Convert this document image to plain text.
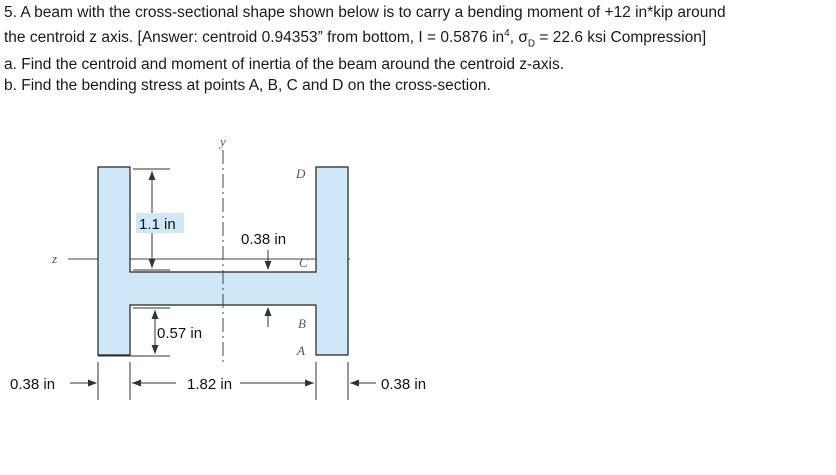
5. A beam with the cross-sectional shape shown below is to carry a bending moment of +12 in*kip around

the centroid z axis. [Answer: centroid 0.94353” from bottom, I = 0.5876 $in^4$, $\sigma_D = 22.6$ ksi Compression]

a. Find the centroid and moment of inertia of the beam around the centroid z-axis.

b. Find the bending stress at points A, B, C and D on the cross-section.

y
z
D
C
B
A
1.1 in
0.38 in
0.57 in
0.38 in	1.82 in	0.38 in
